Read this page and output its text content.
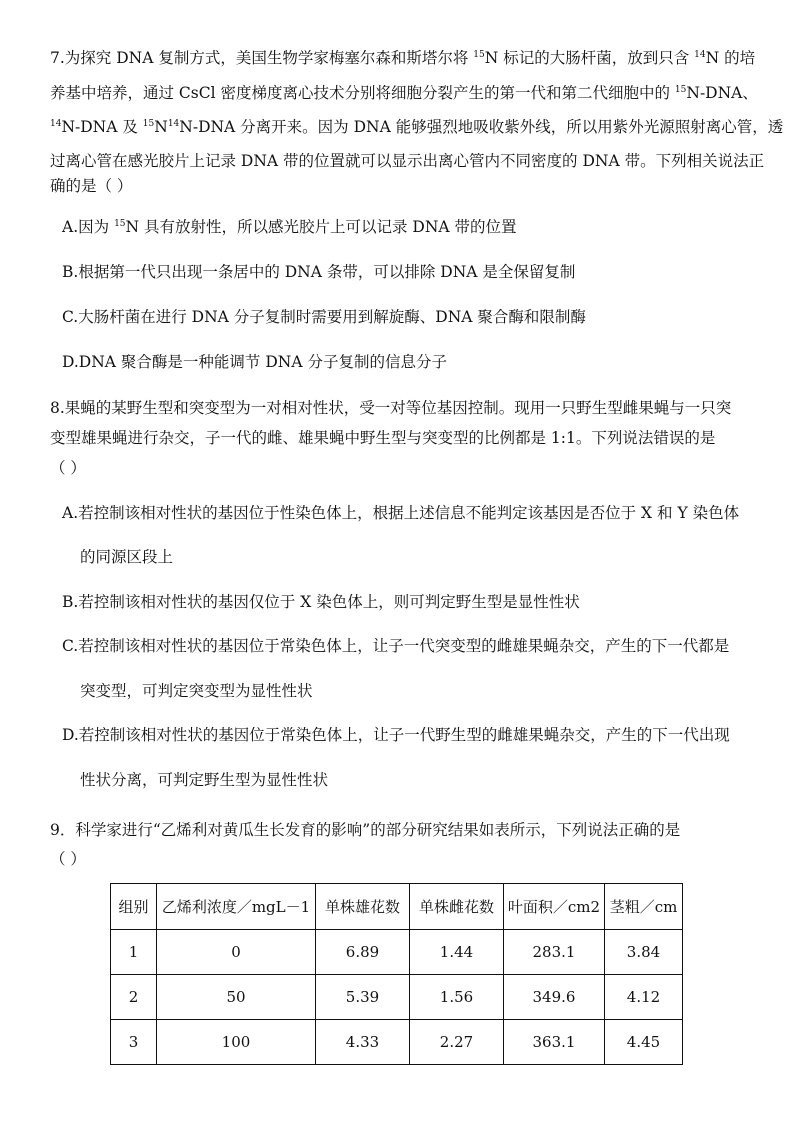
7.为探究 DNA 复制方式，美国生物学家梅塞尔森和斯塔尔将 $^{15}$N 标记的大肠杆菌，放到只含 $^{14}$N 的培
养基中培养，通过 CsCl 密度梯度离心技术分别将细胞分裂产生的第一代和第二代细胞中的 $^{15}$N-DNA、
$^{14}$N-DNA 及 $^{15}N^{14}N$-DNA 分离开来。因为 DNA 能够强烈地吸收紫外线，所以用紫外光源照射离心管，透
过离心管在感光胶片上记录 DNA 带的位置就可以显示出离心管内不同密度的 DNA 带。下列相关说法正
确的是（ ）
A.因为 $^{15}$N 具有放射性，所以感光胶片上可以记录 DNA 带的位置
B.根据第一代只出现一条居中的 DNA 条带，可以排除 DNA 是全保留复制
C.大肠杆菌在进行 DNA 分子复制时需要用到解旋酶、DNA 聚合酶和限制酶
D.DNA 聚合酶是一种能调节 DNA 分子复制的信息分子
8.果蝇的某野生型和突变型为一对相对性状，受一对等位基因控制。现用一只野生型雌果蝇与一只突
变型雄果蝇进行杂交，子一代的雌、雄果蝇中野生型与突变型的比例都是 1:1。下列说法错误的是
（ ）
A.若控制该相对性状的基因位于性染色体上，根据上述信息不能判定该基因是否位于 X 和 Y 染色体
的同源区段上
B.若控制该相对性状的基因仅位于 X 染色体上，则可判定野生型是显性性状
C.若控制该相对性状的基因位于常染色体上，让子一代突变型的雌雄果蝇杂交，产生的下一代都是
突变型，可判定突变型为显性性状
D.若控制该相对性状的基因位于常染色体上，让子一代野生型的雌雄果蝇杂交，产生的下一代出现
性状分离，可判定野生型为显性性状
9．科学家进行“乙烯利对黄瓜生长发育的影响”的部分研究结果如表所示，下列说法正确的是
（ ）
组别	乙烯利浓度／mgL－1	单株雄花数	单株雌花数	叶面积／cm2	茎粗／cm
1	0	6.89	1.44	283.1	3.84
2	50	5.39	1.56	349.6	4.12
3	100	4.33	2.27	363.1	4.45
